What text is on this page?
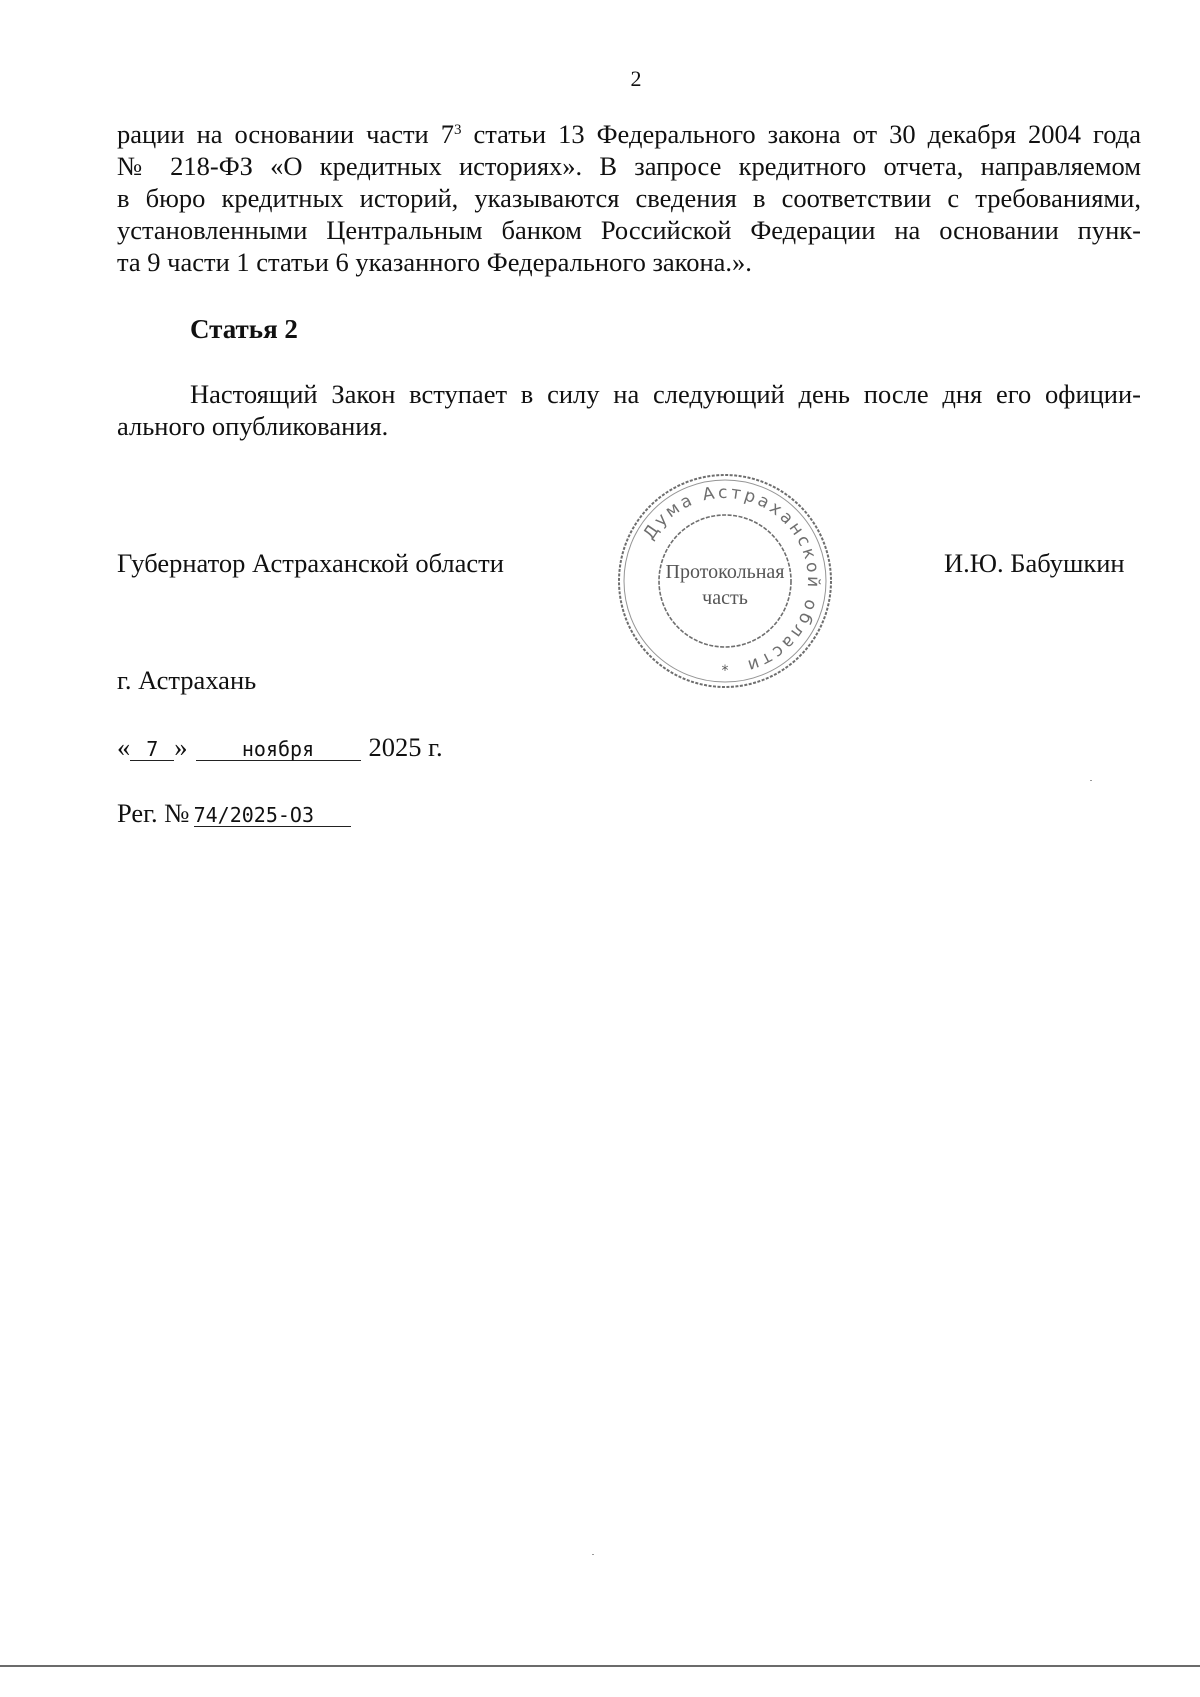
2
рации на основании части $7^3$ статьи 13 Федерального закона от 30 декабря 2004 года
№ 218-ФЗ «О кредитных историях». В запросе кредитного отчета, направляемом
в бюро кредитных историй, указываются сведения в соответствии с требованиями,
установленными Центральным банком Российской Федерации на основании пунк-
та 9 части 1 статьи 6 указанного Федерального закона.».
Статья 2
Настоящий Закон вступает в силу на следующий день после дня его официи-
ального опубликования.
Губернатор Астраханской области	И.Ю. Бабушкин
Дума Астраханской области
Протокольная
часть
*
г. Астрахань
« 7 »	ноября 2025 г.
Рег. № 74/2025-ОЗ
